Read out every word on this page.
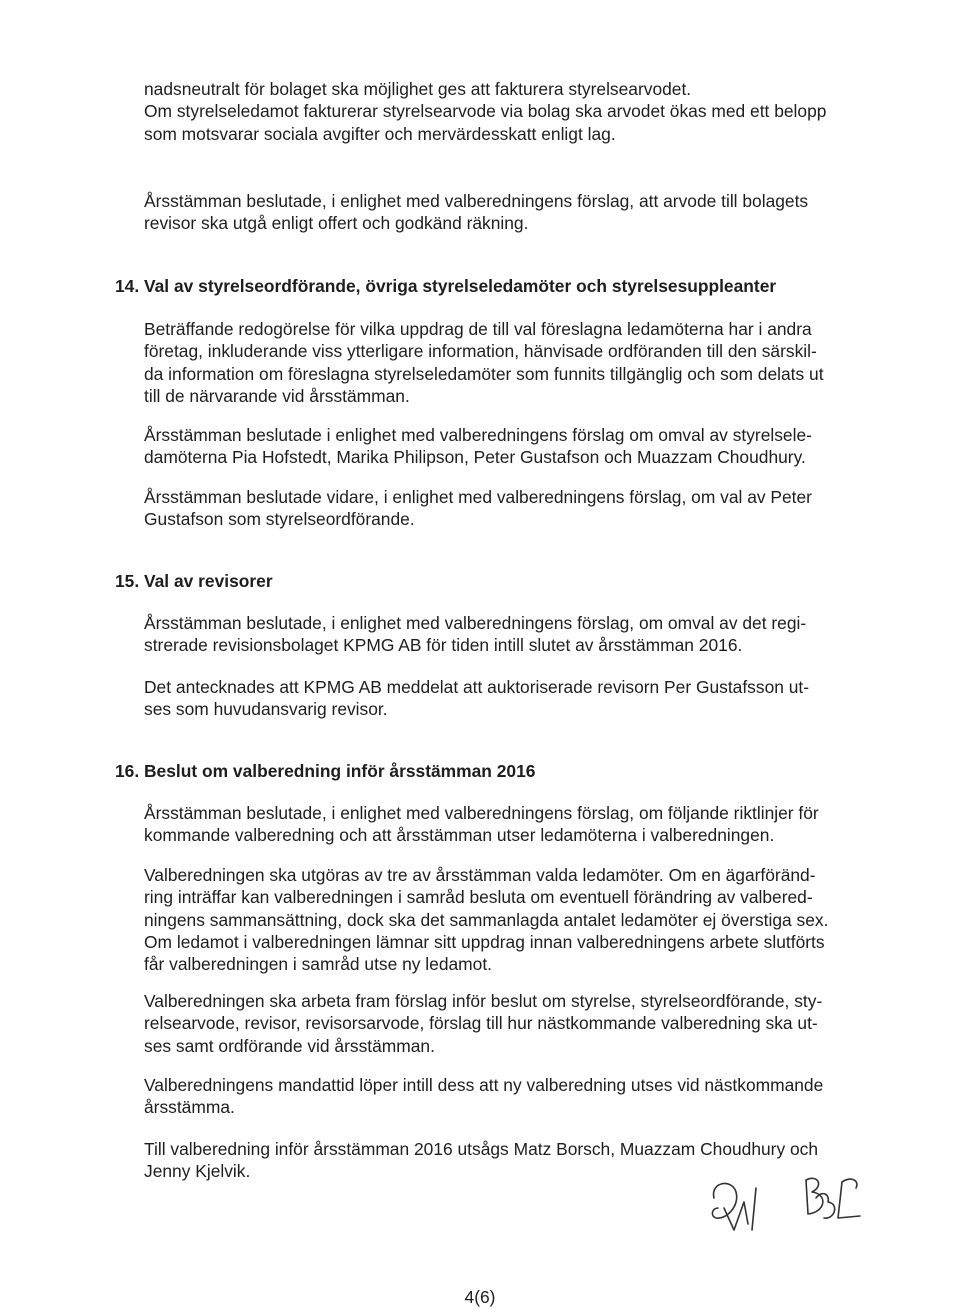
nadsneutralt för bolaget ska möjlighet ges att fakturera styrelsearvodet.
Om styrelseledamot fakturerar styrelsearvode via bolag ska arvodet ökas med ett belopp
som motsvarar sociala avgifter och mervärdesskatt enligt lag.
Årsstämman beslutade, i enlighet med valberedningens förslag, att arvode till bolagets
revisor ska utgå enligt offert och godkänd räkning.
14. Val av styrelseordförande, övriga styrelseledamöter och styrelsesuppleanter
Beträffande redogörelse för vilka uppdrag de till val föreslagna ledamöterna har i andra
företag, inkluderande viss ytterligare information, hänvisade ordföranden till den särskil-
da information om föreslagna styrelseledamöter som funnits tillgänglig och som delats ut
till de närvarande vid årsstämman.
Årsstämman beslutade i enlighet med valberedningens förslag om omval av styrelsele-
damöterna Pia Hofstedt, Marika Philipson, Peter Gustafson och Muazzam Choudhury.
Årsstämman beslutade vidare, i enlighet med valberedningens förslag, om val av Peter
Gustafson som styrelseordförande.
15. Val av revisorer
Årsstämman beslutade, i enlighet med valberedningens förslag, om omval av det regi-
strerade revisionsbolaget KPMG AB för tiden intill slutet av årsstämman 2016.
Det antecknades att KPMG AB meddelat att auktoriserade revisorn Per Gustafsson ut-
ses som huvudansvarig revisor.
16. Beslut om valberedning inför årsstämman 2016
Årsstämman beslutade, i enlighet med valberedningens förslag, om följande riktlinjer för
kommande valberedning och att årsstämman utser ledamöterna i valberedningen.
Valberedningen ska utgöras av tre av årsstämman valda ledamöter. Om en ägarföränd-
ring inträffar kan valberedningen i samråd besluta om eventuell förändring av valbered-
ningens sammansättning, dock ska det sammanlagda antalet ledamöter ej överstiga sex.
Om ledamot i valberedningen lämnar sitt uppdrag innan valberedningens arbete slutförts
får valberedningen i samråd utse ny ledamot.
Valberedningen ska arbeta fram förslag inför beslut om styrelse, styrelseordförande, sty-
relsearvode, revisor, revisorsarvode, förslag till hur nästkommande valberedning ska ut-
ses samt ordförande vid årsstämman.
Valberedningens mandattid löper intill dess att ny valberedning utses vid nästkommande
årsstämma.
Till valberedning inför årsstämman 2016 utsågs Matz Borsch, Muazzam Choudhury och
Jenny Kjelvik.
4(6)
